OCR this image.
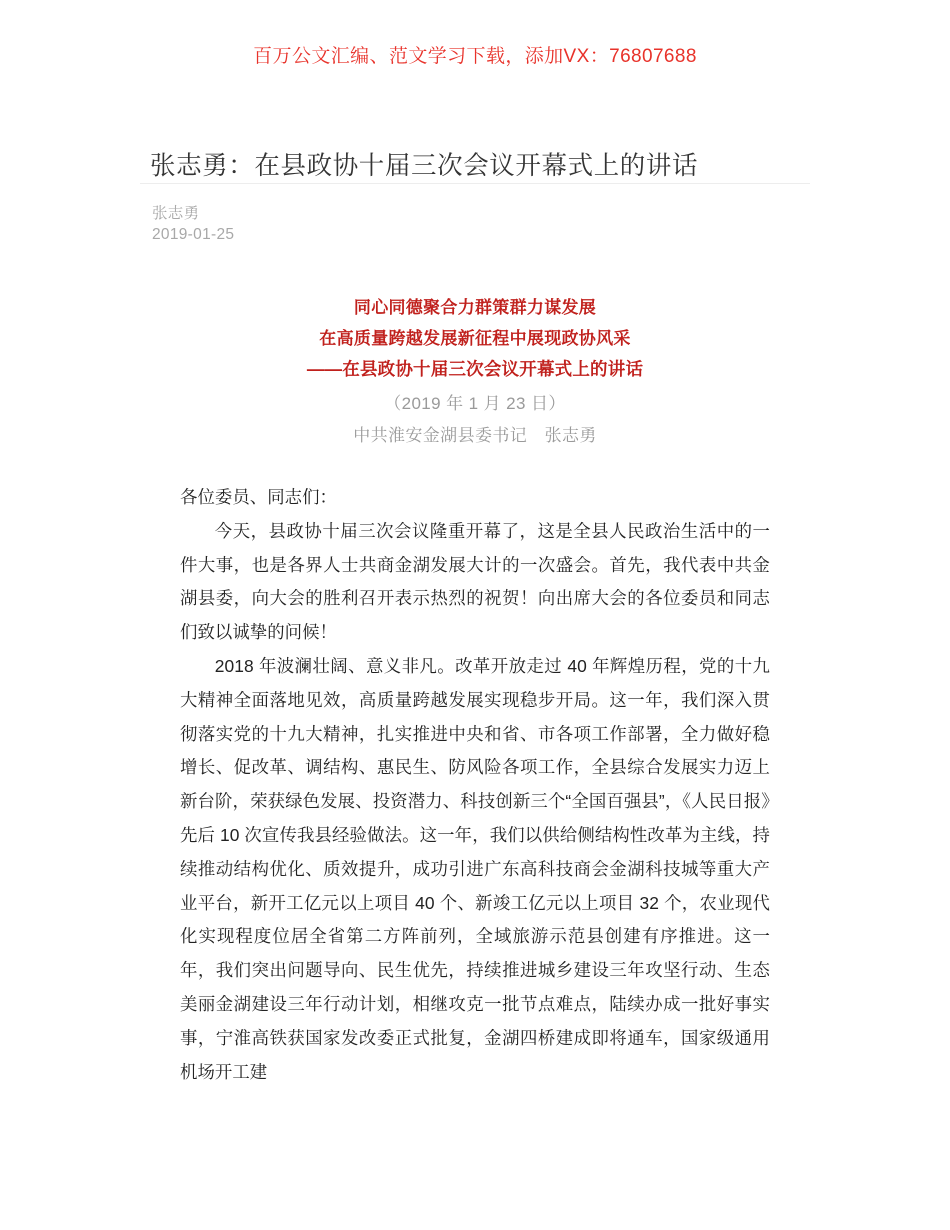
百万公文汇编、范文学习下载，添加VX：76807688
张志勇：在县政协十届三次会议开幕式上的讲话
张志勇
2019-01-25
同心同德聚合力群策群力谋发展
在高质量跨越发展新征程中展现政协风采
——在县政协十届三次会议开幕式上的讲话
（2019 年 1 月 23 日）
中共淮安金湖县委书记　张志勇

各位委员、同志们：

今天，县政协十届三次会议隆重开幕了，这是全县人民政治生活中的一件大事，也是各界人士共商金湖发展大计的一次盛会。首先，我代表中共金湖县委，向大会的胜利召开表示热烈的祝贺！向出席大会的各位委员和同志们致以诚挚的问候！

2018 年波澜壮阔、意义非凡。改革开放走过 40 年辉煌历程，党的十九大精神全面落地见效，高质量跨越发展实现稳步开局。这一年，我们深入贯彻落实党的十九大精神，扎实推进中央和省、市各项工作部署，全力做好稳增长、促改革、调结构、惠民生、防风险各项工作，全县综合发展实力迈上新台阶，荣获绿色发展、投资潜力、科技创新三个“全国百强县”，《人民日报》先后 10 次宣传我县经验做法。这一年，我们以供给侧结构性改革为主线，持续推动结构优化、质效提升，成功引进广东高科技商会金湖科技城等重大产业平台，新开工亿元以上项目 40 个、新竣工亿元以上项目 32 个，农业现代化实现程度位居全省第二方阵前列，全域旅游示范县创建有序推进。这一年，我们突出问题导向、民生优先，持续推进城乡建设三年攻坚行动、生态美丽金湖建设三年行动计划，相继攻克一批节点难点，陆续办成一批好事实事，宁淮高铁获国家发改委正式批复，金湖四桥建成即将通车，国家级通用机场开工建
